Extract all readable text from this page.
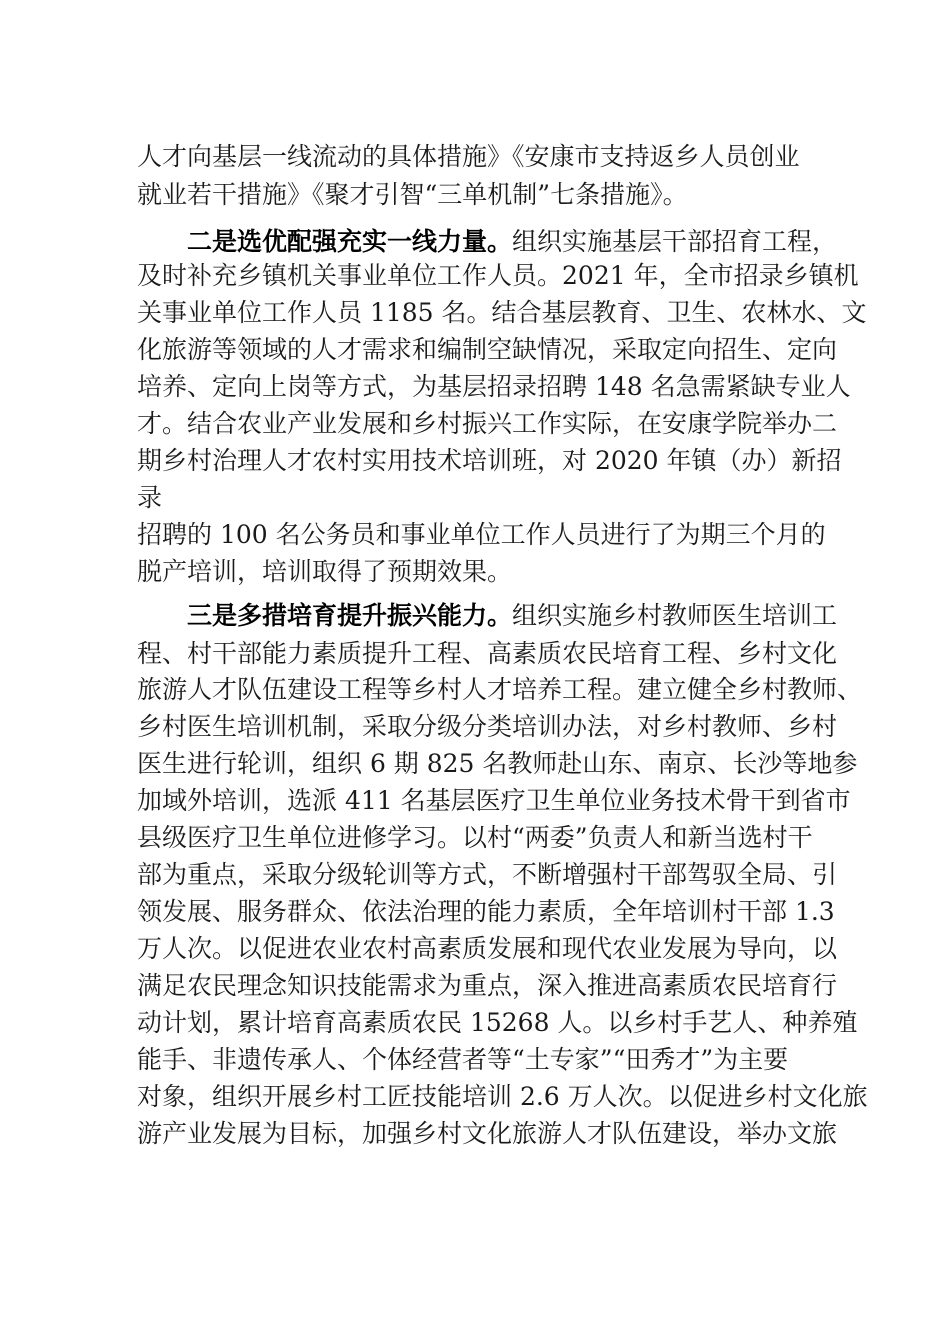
人才向基层一线流动的具体措施》《安康市支持返乡人员创业
就业若干措施》《聚才引智“三单机制”七条措施》。
二是选优配强充实一线力量。组织实施基层干部招育工程，
及时补充乡镇机关事业单位工作人员。2021 年，全市招录乡镇机
关事业单位工作人员 1185 名。结合基层教育、卫生、农林水、文
化旅游等领域的人才需求和编制空缺情况，采取定向招生、定向
培养、定向上岗等方式，为基层招录招聘 148 名急需紧缺专业人
才。结合农业产业发展和乡村振兴工作实际，在安康学院举办二
期乡村治理人才农村实用技术培训班，对 2020 年镇（办）新招
录
招聘的 100 名公务员和事业单位工作人员进行了为期三个月的
脱产培训，培训取得了预期效果。
三是多措培育提升振兴能力。组织实施乡村教师医生培训工
程、村干部能力素质提升工程、高素质农民培育工程、乡村文化
旅游人才队伍建设工程等乡村人才培养工程。建立健全乡村教师、
乡村医生培训机制，采取分级分类培训办法，对乡村教师、乡村
医生进行轮训，组织 6 期 825 名教师赴山东、南京、长沙等地参
加域外培训，选派 411 名基层医疗卫生单位业务技术骨干到省市
县级医疗卫生单位进修学习。以村“两委”负责人和新当选村干
部为重点，采取分级轮训等方式，不断增强村干部驾驭全局、引
领发展、服务群众、依法治理的能力素质，全年培训村干部 1.3
万人次。以促进农业农村高素质发展和现代农业发展为导向，以
满足农民理念知识技能需求为重点，深入推进高素质农民培育行
动计划，累计培育高素质农民 15268 人。以乡村手艺人、种养殖
能手、非遗传承人、个体经营者等“土专家”“田秀才”为主要
对象，组织开展乡村工匠技能培训 2.6 万人次。以促进乡村文化旅
游产业发展为目标，加强乡村文化旅游人才队伍建设，举办文旅
